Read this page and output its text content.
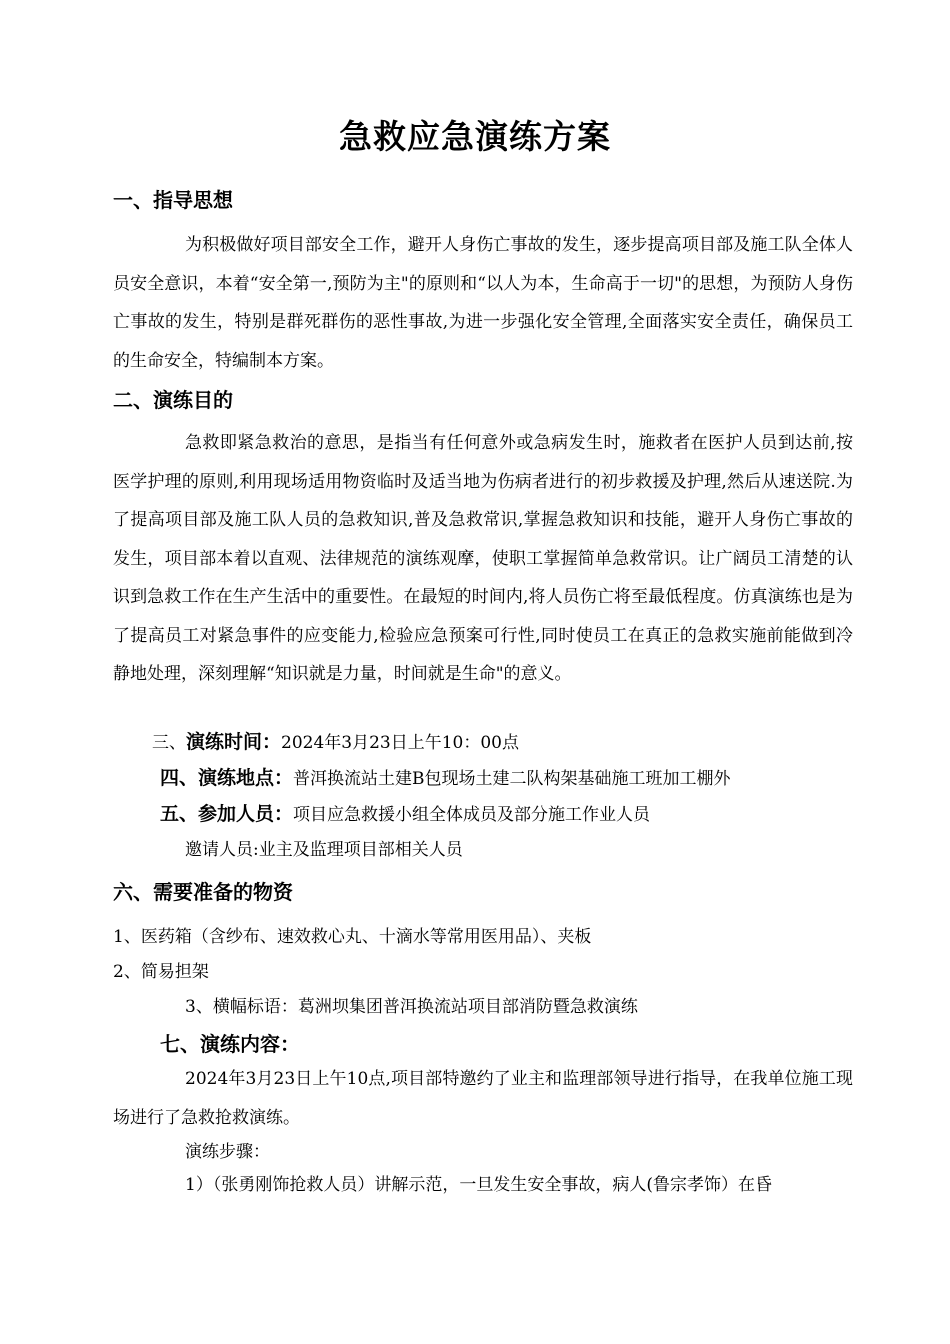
急救应急演练方案
一、指导思想
为积极做好项目部安全工作，避开人身伤亡事故的发生，逐步提高项目部及施工队全体人员安全意识，本着“安全第一,预防为主"的原则和“以人为本，生命高于一切"的思想，为预防人身伤亡事故的发生，特别是群死群伤的恶性事故,为进一步强化安全管理,全面落实安全责任，确保员工的生命安全，特编制本方案。
二、演练目的
急救即紧急救治的意思，是指当有任何意外或急病发生时，施救者在医护人员到达前,按医学护理的原则,利用现场适用物资临时及适当地为伤病者进行的初步救援及护理,然后从速送院.为了提高项目部及施工队人员的急救知识,普及急救常识,掌握急救知识和技能，避开人身伤亡事故的发生，项目部本着以直观、法律规范的演练观摩，使职工掌握简单急救常识。让广阔员工清楚的认识到急救工作在生产生活中的重要性。在最短的时间内,将人员伤亡将至最低程度。仿真演练也是为了提高员工对紧急事件的应变能力,检验应急预案可行性,同时使员工在真正的急救实施前能做到冷静地处理，深刻理解“知识就是力量，时间就是生命"的意义。
三、演练时间：2024年3月23日上午10：00点
四、演练地点：普洱换流站土建B包现场土建二队构架基础施工班加工棚外
五、参加人员：项目应急救援小组全体成员及部分施工作业人员
邀请人员:业主及监理项目部相关人员
六、需要准备的物资
1、医药箱（含纱布、速效救心丸、十滴水等常用医用品）、夹板
2、简易担架
3、横幅标语：葛洲坝集团普洱换流站项目部消防暨急救演练
七、演练内容：
2024年3月23日上午10点,项目部特邀约了业主和监理部领导进行指导，在我单位施工现场进行了急救抢救演练。
演练步骤：
1）（张勇刚饰抢救人员）讲解示范，一旦发生安全事故，病人(鲁宗孝饰）在昏
